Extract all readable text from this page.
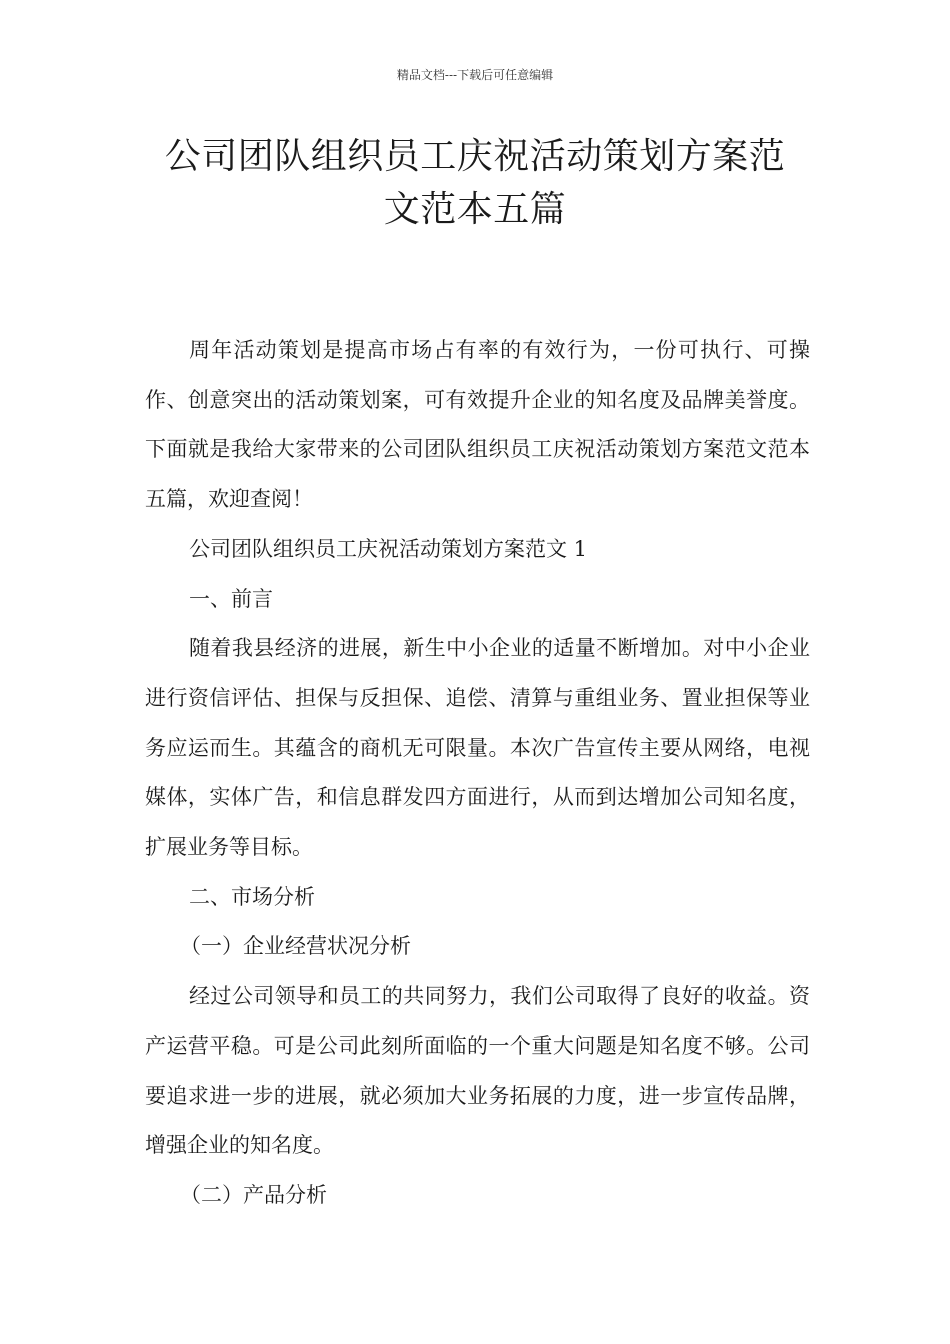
精品文档---下载后可任意编辑
公司团队组织员工庆祝活动策划方案范
文范本五篇

周年活动策划是提高市场占有率的有效行为，一份可执行、可操作、创意突出的活动策划案，可有效提升企业的知名度及品牌美誉度。下面就是我给大家带来的公司团队组织员工庆祝活动策划方案范文范本五篇，欢迎查阅！

公司团队组织员工庆祝活动策划方案范文 1

一、前言

随着我县经济的进展，新生中小企业的适量不断增加。对中小企业进行资信评估、担保与反担保、追偿、清算与重组业务、置业担保等业务应运而生。其蕴含的商机无可限量。本次广告宣传主要从网络，电视媒体，实体广告，和信息群发四方面进行，从而到达增加公司知名度，扩展业务等目标。

二、市场分析

（一）企业经营状况分析

经过公司领导和员工的共同努力，我们公司取得了良好的收益。资产运营平稳。可是公司此刻所面临的一个重大问题是知名度不够。公司要追求进一步的进展，就必须加大业务拓展的力度，进一步宣传品牌，增强企业的知名度。

（二）产品分析
